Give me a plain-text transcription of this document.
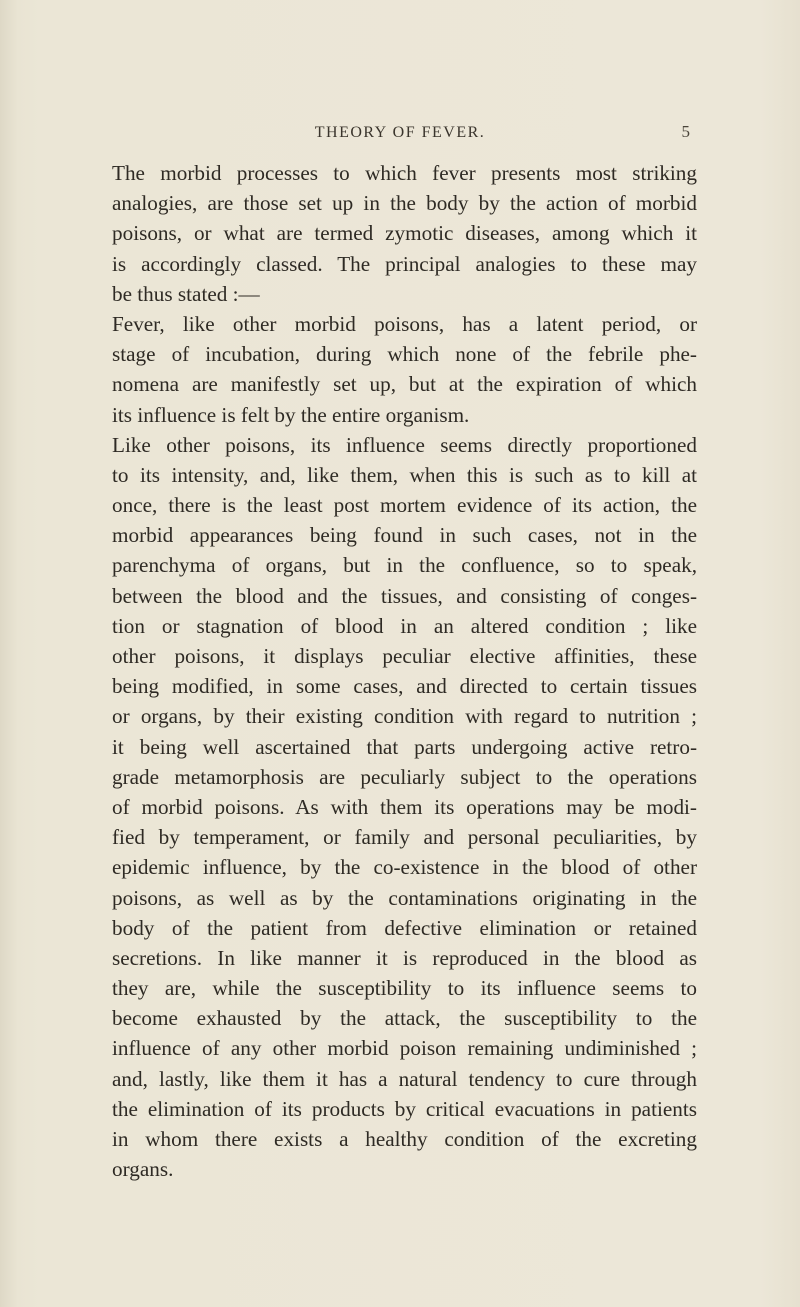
THEORY OF FEVER.	5
The morbid processes to which fever presents most striking
analogies, are those set up in the body by the action of morbid
poisons, or what are termed zymotic diseases, among which it
is accordingly classed. The principal analogies to these may
be thus stated :—
Fever, like other morbid poisons, has a latent period, or
stage of incubation, during which none of the febrile phe-
nomena are manifestly set up, but at the expiration of which
its influence is felt by the entire organism.
Like other poisons, its influence seems directly proportioned
to its intensity, and, like them, when this is such as to kill at
once, there is the least post mortem evidence of its action, the
morbid appearances being found in such cases, not in the
parenchyma of organs, but in the confluence, so to speak,
between the blood and the tissues, and consisting of conges-
tion or stagnation of blood in an altered condition ; like
other poisons, it displays peculiar elective affinities, these
being modified, in some cases, and directed to certain tissues
or organs, by their existing condition with regard to nutrition ;
it being well ascertained that parts undergoing active retro-
grade metamorphosis are peculiarly subject to the operations
of morbid poisons. As with them its operations may be modi-
fied by temperament, or family and personal peculiarities, by
epidemic influence, by the co-existence in the blood of other
poisons, as well as by the contaminations originating in the
body of the patient from defective elimination or retained
secretions. In like manner it is reproduced in the blood as
they are, while the susceptibility to its influence seems to
become exhausted by the attack, the susceptibility to the
influence of any other morbid poison remaining undiminished ;
and, lastly, like them it has a natural tendency to cure through
the elimination of its products by critical evacuations in patients
in whom there exists a healthy condition of the excreting
organs.
